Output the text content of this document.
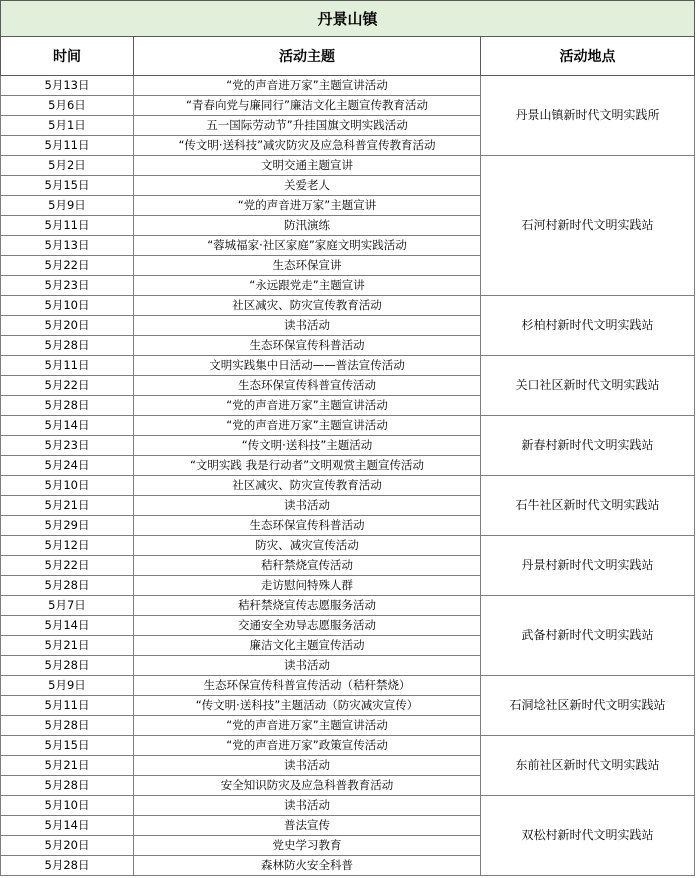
丹景山镇		
时间	活动主题	活动地点
5月13日	“党的声音进万家”主题宣讲活动	丹景山镇新时代文明实践所
5月6日	“青春向党与廉同行”廉洁文化主题宣传教育活动	
5月1日	五一国际劳动节”升挂国旗文明实践活动	
5月11日	“传文明·送科技”减灾防灾及应急科普宣传教育活动	
5月2日	文明交通主题宣讲	石河村新时代文明实践站
5月15日	关爱老人	
5月9日	“党的声音进万家”主题宣讲	
5月11日	防汛演练	
5月13日	“蓉城福家·社区家庭”家庭文明实践活动	
5月22日	生态环保宣讲	
5月23日	“永远跟党走”主题宣讲	
5月10日	社区减灾、防灾宣传教育活动	杉柏村新时代文明实践站
5月20日	读书活动	
5月28日	生态环保宣传科普活动	
5月11日	文明实践集中日活动——普法宣传活动	关口社区新时代文明实践站
5月22日	生态环保宣传科普宣传活动	
5月28日	“党的声音进万家”主题宣讲活动	
5月14日	“党的声音进万家”主题宣讲活动	新春村新时代文明实践站
5月23日	“传文明·送科技”主题活动	
5月24日	“文明实践 我是行动者”文明观赏主题宣传活动	
5月10日	社区减灾、防灾宣传教育活动	石牛社区新时代文明实践站
5月21日	读书活动	
5月29日	生态环保宣传科普活动	
5月12日	防灾、减灾宣传活动	丹景村新时代文明实践站
5月22日	秸秆禁烧宣传活动	
5月28日	走访慰问特殊人群	
5月7日	秸秆禁烧宣传志愿服务活动	武备村新时代文明实践站
5月14日	交通安全劝导志愿服务活动	
5月21日	廉洁文化主题宣传活动	
5月28日	读书活动	
5月9日	生态环保宣传科普宣传活动（秸秆禁烧）	石洞埝社区新时代文明实践站
5月11日	“传文明·送科技”主题活动（防灾减灾宣传）	
5月28日	“党的声音进万家”主题宣讲活动	
5月15日	“党的声音进万家”政策宣传活动	东前社区新时代文明实践站
5月21日	读书活动	
5月28日	安全知识防灾及应急科普教育活动	
5月10日	读书活动	双松村新时代文明实践站
5月14日	普法宣传	
5月20日	党史学习教育	
5月28日	森林防火安全科普	
